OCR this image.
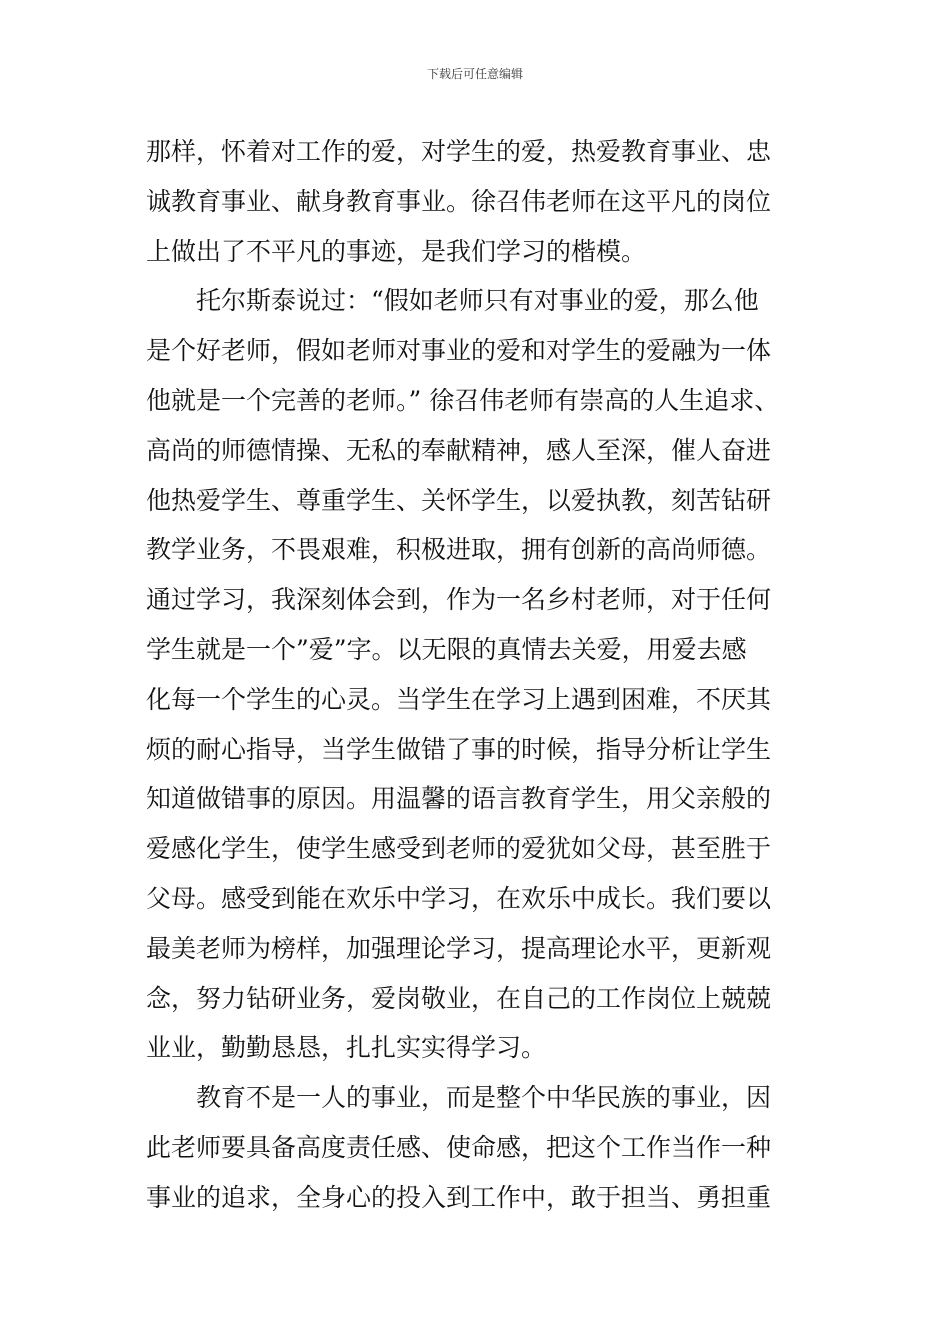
下载后可任意编辑
那样，怀着对工作的爱，对学生的爱，热爱教育事业、忠
诚教育事业、献身教育事业。徐召伟老师在这平凡的岗位
上做出了不平凡的事迹，是我们学习的楷模。
托尔斯泰说过：“假如老师只有对事业的爱，那么他
是个好老师，假如老师对事业的爱和对学生的爱融为一体
他就是一个完善的老师。” 徐召伟老师有崇高的人生追求、
高尚的师德情操、无私的奉献精神，感人至深，催人奋进
他热爱学生、尊重学生、关怀学生，以爱执教，刻苦钻研
教学业务，不畏艰难，积极进取，拥有创新的高尚师德。
通过学习，我深刻体会到，作为一名乡村老师，对于任何
学生就是一个”爱”字。以无限的真情去关爱，用爱去感
化每一个学生的心灵。当学生在学习上遇到困难，不厌其
烦的耐心指导，当学生做错了事的时候，指导分析让学生
知道做错事的原因。用温馨的语言教育学生，用父亲般的
爱感化学生，使学生感受到老师的爱犹如父母，甚至胜于
父母。感受到能在欢乐中学习，在欢乐中成长。我们要以
最美老师为榜样，加强理论学习，提高理论水平，更新观
念，努力钻研业务，爱岗敬业，在自己的工作岗位上兢兢
业业，勤勤恳恳，扎扎实实得学习。
教育不是一人的事业，而是整个中华民族的事业，因
此老师要具备高度责任感、使命感，把这个工作当作一种
事业的追求，全身心的投入到工作中，敢于担当、勇担重
